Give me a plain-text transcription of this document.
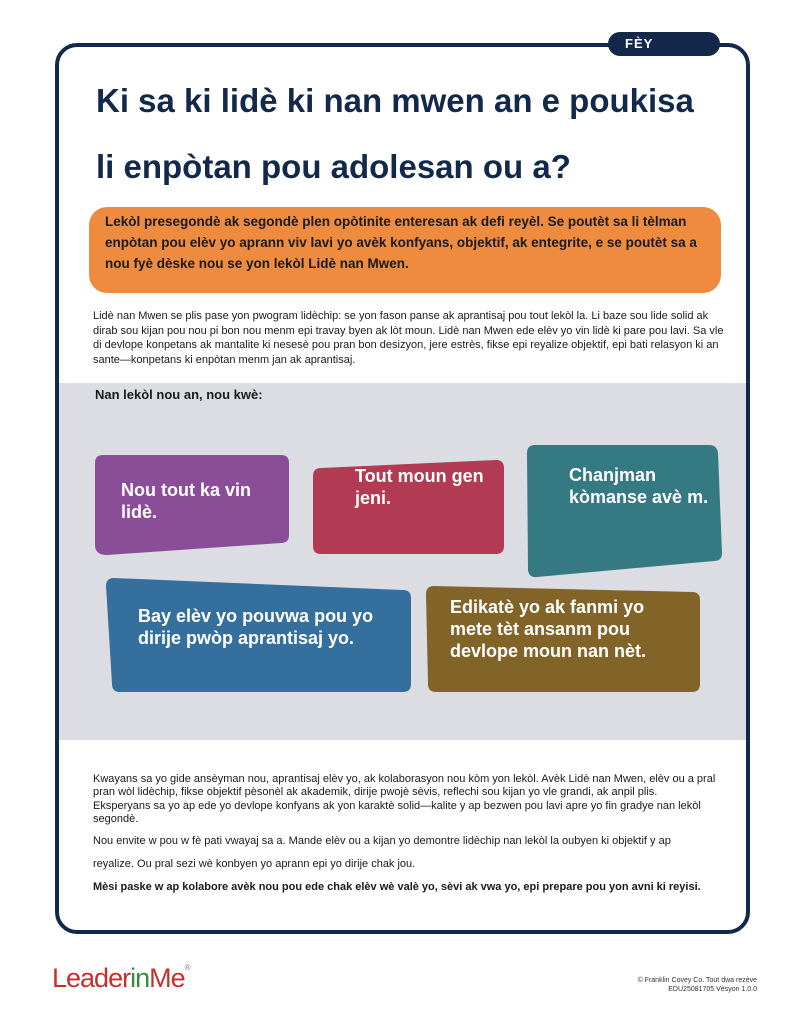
FÈY
Ki sa ki lidè ki nan mwen an e poukisa
li enpòtan pou adolesan ou a?
Lekòl presegondè ak segondè plen opòtinite enteresan ak defi reyèl. Se poutèt sa li tèlman enpòtan pou elèv yo aprann viv lavi yo avèk konfyans, objektif, ak entegrite, e se poutèt sa a nou fyè dèske nou se yon lekòl Lidè nan Mwen.

Lidè nan Mwen se plis pase yon pwogram lidèchip: se yon fason panse ak aprantisaj pou tout lekòl la. Li baze sou lide solid ak dirab sou kijan pou nou pi bon nou menm epi travay byen ak lòt moun. Lidè nan Mwen ede elèv yo vin lidè ki pare pou lavi. Sa vle di devlope konpetans ak mantalite ki nesesè pou pran bon desizyon, jere estrès, fikse epi reyalize objektif, epi bati relasyon ki an sante—konpetans ki enpòtan menm jan ak aprantisaj.

Nan lekòl nou an, nou kwè:

Nou tout ka vin lidè.
Tout moun gen jeni.
Chanjman kòmanse avè m.
Bay elèv yo pouvwa pou yo dirije pwòp aprantisaj yo.
Edikatè yo ak fanmi yo mete tèt ansanm pou devlope moun nan nèt.

Kwayans sa yo gide ansèyman nou, aprantisaj elèv yo, ak kolaborasyon nou kòm yon lekòl. Avèk Lidè nan Mwen, elèv ou a pral pran wòl lidèchip, fikse objektif pèsonèl ak akademik, dirije pwojè sèvis, reflechi sou kijan yo vle grandi, ak anpil plis. Eksperyans sa yo ap ede yo devlope konfyans ak yon karaktè solid—kalite y ap bezwen pou lavi apre yo fin gradye nan lekòl segondè.

Nou envite w pou w fè pati vwayaj sa a. Mande elèv ou a kijan yo demontre lidèchip nan lekòl la oubyen ki objektif y ap

reyalize. Ou pral sezi wè konbyen yo aprann epi yo dirije chak jou.

Mèsi paske w ap kolabore avèk nou pou ede chak elèv wè valè yo, sèvi ak vwa yo, epi prepare pou yon avni ki reyisi.

LeaderinMe®
© Franklin Covey Co. Tout dwa rezève
EDU25081705 Vèsyon 1.0.0
